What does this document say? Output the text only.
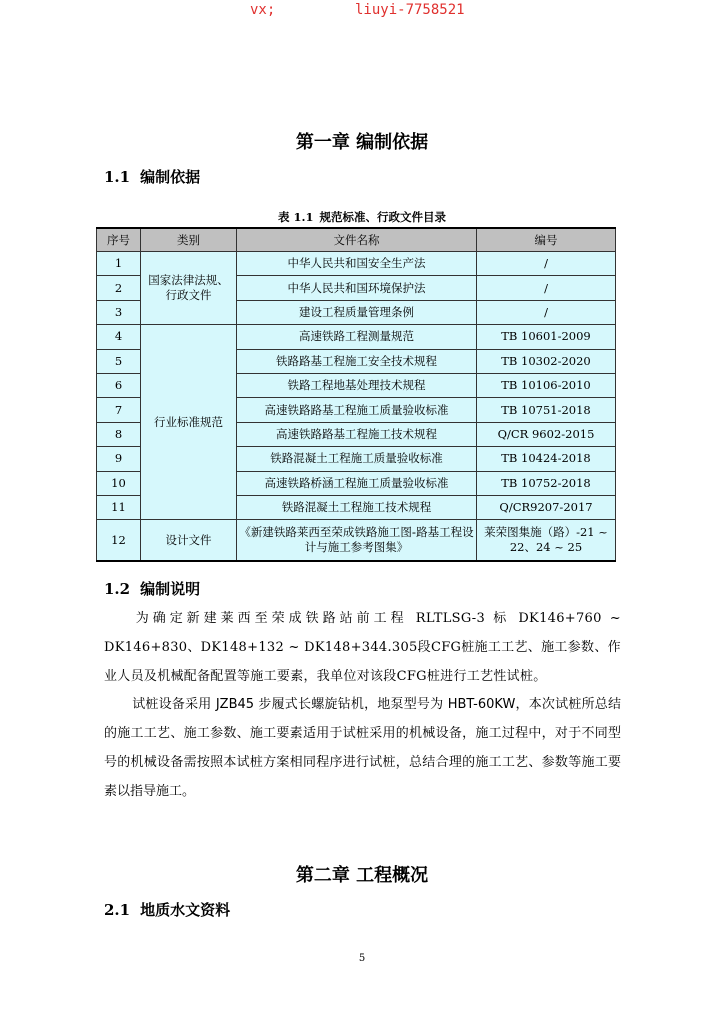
vx;	liuyi-7758521
第一章 编制依据
1.1 编制依据
表 1.1 规范标准、行政文件目录
序号	类别	文件名称	编号
1	国家法律法规、行政文件	中华人民共和国安全生产法	/
2		中华人民共和国环境保护法	/
3		建设工程质量管理条例	/
4	行业标准规范	高速铁路工程测量规范	TB 10601-2009
5		铁路路基工程施工安全技术规程	TB 10302-2020
6		铁路工程地基处理技术规程	TB 10106-2010
7		高速铁路路基工程施工质量验收标准	TB 10751-2018
8		高速铁路路基工程施工技术规程	Q/CR 9602-2015
9		铁路混凝土工程施工质量验收标准	TB 10424-2018
10		高速铁路桥涵工程施工质量验收标准	TB 10752-2018
11		铁路混凝土工程施工技术规程	Q/CR9207-2017
12	设计文件	《新建铁路莱西至荣成铁路施工图-路基工程设计与施工参考图集》	莱荣图集施（路）-21 ~ 22、24 ~ 25
1.2 编制说明
为确定新建莱西至荣成铁路站前工程 RLTLSG-3 标 DK146+760 ~ DK146+830、DK148+132 ~ DK148+344.305段CFG桩施工工艺、施工参数、作业人员及机械配备配置等施工要素，我单位对该段CFG桩进行工艺性试桩。
试桩设备采用 JZB45 步履式长螺旋钻机，地泵型号为 HBT-60KW，本次试桩所总结的施工工艺、施工参数、施工要素适用于试桩采用的机械设备，施工过程中，对于不同型号的机械设备需按照本试桩方案相同程序进行试桩，总结合理的施工工艺、参数等施工要素以指导施工。
第二章 工程概况
2.1 地质水文资料
5
